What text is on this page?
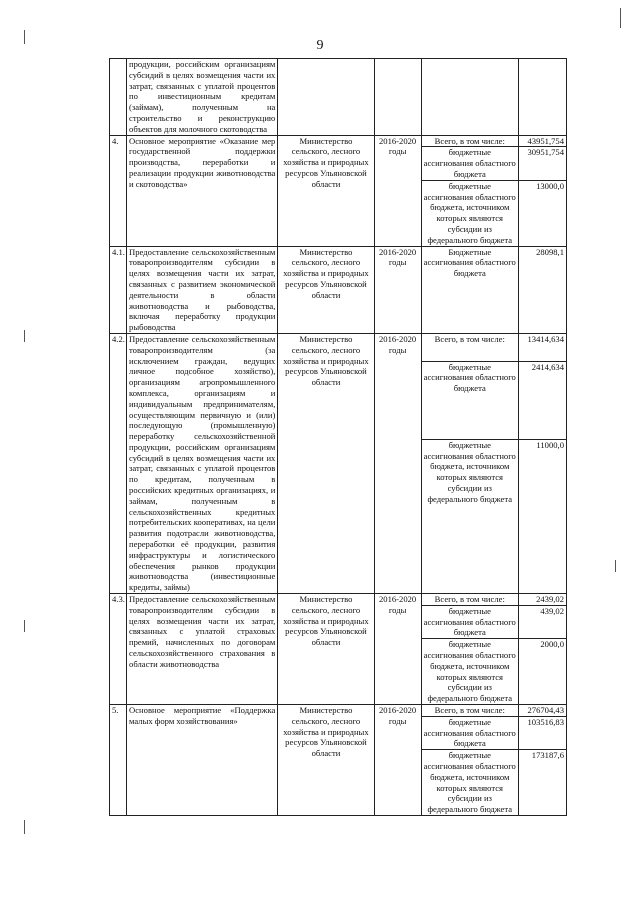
9
	продукции, российским организациям субсидий в целях возмещения части их затрат, связанных с уплатой процентов по инвестиционным кредитам (займам), полученным на строительство и реконструкцию объектов для молочного скотоводства				
4.	Основное мероприятие «Оказание мер государственной поддержки производства, переработки и реализации продукции животноводства и скотоводства»	Министерство сельского, лесного хозяйства и природных ресурсов Ульяновской области	2016-2020 годы	Всего, в том числе:	43951,754
				бюджетные ассигнования областного бюджета	30951,754
				бюджетные ассигнования областного бюджета, источником которых являются субсидии из федерального бюджета	13000,0
4.1.	Предоставление сельскохозяйственным товаропроизводителям субсидии в целях возмещения части их затрат, связанных с развитием экономической деятельности в области животноводства и рыбоводства, включая переработку продукции рыбоводства	Министерство сельского, лесного хозяйства и природных ресурсов Ульяновской области	2016-2020 годы	Бюджетные ассигнования областного бюджета	28098,1
4.2.	Предоставление сельскохозяйственным товаропроизводителям (за исключением граждан, ведущих личное подсобное хозяйство), организациям агропромышленного комплекса, организациям и индивидуальным предпринимателям, осуществляющим первичную и (или) последующую (промышленную) переработку сельскохозяйственной продукции, российским организациям субсидий в целях возмещения части их затрат, связанных с уплатой процентов по кредитам, полученным в российских кредитных организациях, и займам, полученным в сельскохозяйственных кредитных потребительских кооперативах, на цели развития подотрасли животноводства, переработки её продукции, развития инфраструктуры и логистического обеспечения рынков продукции животноводства (инвестиционные кредиты, займы)	Министерство сельского, лесного хозяйства и природных ресурсов Ульяновской области	2016-2020 годы	Всего, в том числе:	13414,634
				бюджетные ассигнования областного бюджета	2414,634
				бюджетные ассигнования областного бюджета, источником которых являются субсидии из федерального бюджета	11000,0
4.3.	Предоставление сельскохозяйственным товаропроизводителям субсидии в целях возмещения части их затрат, связанных с уплатой страховых премий, начисленных по договорам сельскохозяйственного страхования в области животноводства	Министерство сельского, лесного хозяйства и природных ресурсов Ульяновской области	2016-2020 годы	Всего, в том числе:	2439,02
				бюджетные ассигнования областного бюджета	439,02
				бюджетные ассигнования областного бюджета, источником которых являются субсидии из федерального бюджета	2000,0
5.	Основное мероприятие «Поддержка малых форм хозяйствования»	Министерство сельского, лесного хозяйства и природных ресурсов Ульяновской области	2016-2020 годы	Всего, в том числе:	276704,43
				бюджетные ассигнования областного бюджета	103516,83
				бюджетные ассигнования областного бюджета, источником которых являются субсидии из федерального бюджета	173187,6
